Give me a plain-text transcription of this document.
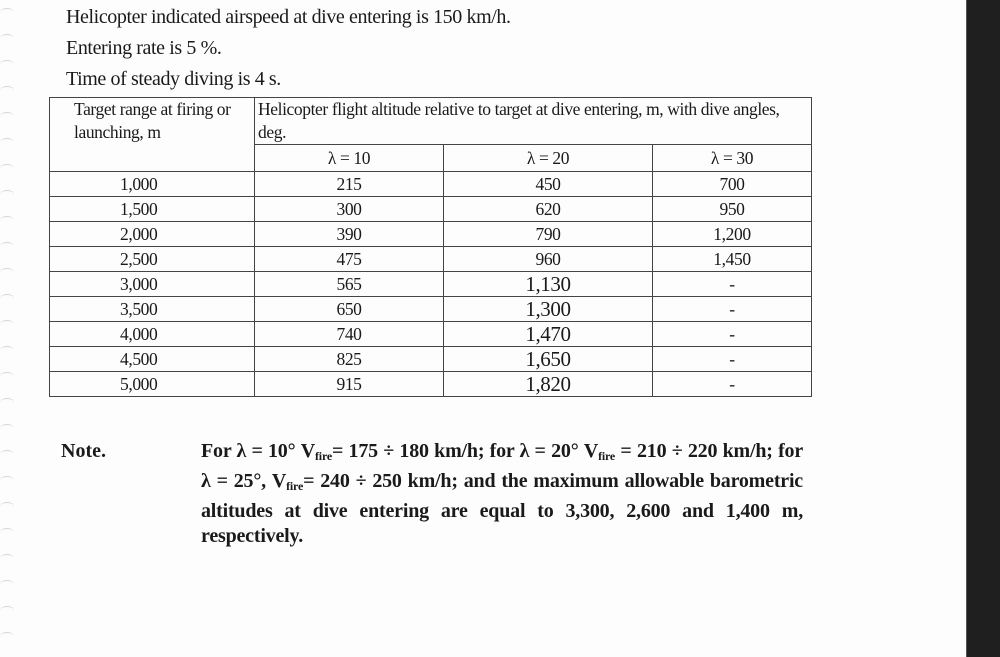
Helicopter indicated airspeed at dive entering is 150 km/h.
Entering rate is 5 %.
Time of steady diving is 4 s.
Target range at firing or launching, m	Helicopter flight altitude relative to target at dive entering, m, with dive angles, deg.		
	λ = 10	λ = 20	λ = 30
1,000	215	450	700
1,500	300	620	950
2,000	390	790	1,200
2,500	475	960	1,450
3,000	565	1,130	-
3,500	650	1,300	-
4,000	740	1,470	-
4,500	825	1,650	-
5,000	915	1,820	-
Note.	For λ = 10° $V_{fire}= 175 \div 180$ km/h; for λ = 20° $V_{fire} = 210 \div 220$ km/h; for λ = 25°, $V_{fire}= 240 \div 250$ km/h; and the maximum allowable barometric altitudes at dive entering are equal to 3,300, 2,600 and 1,400 m, respectively.
